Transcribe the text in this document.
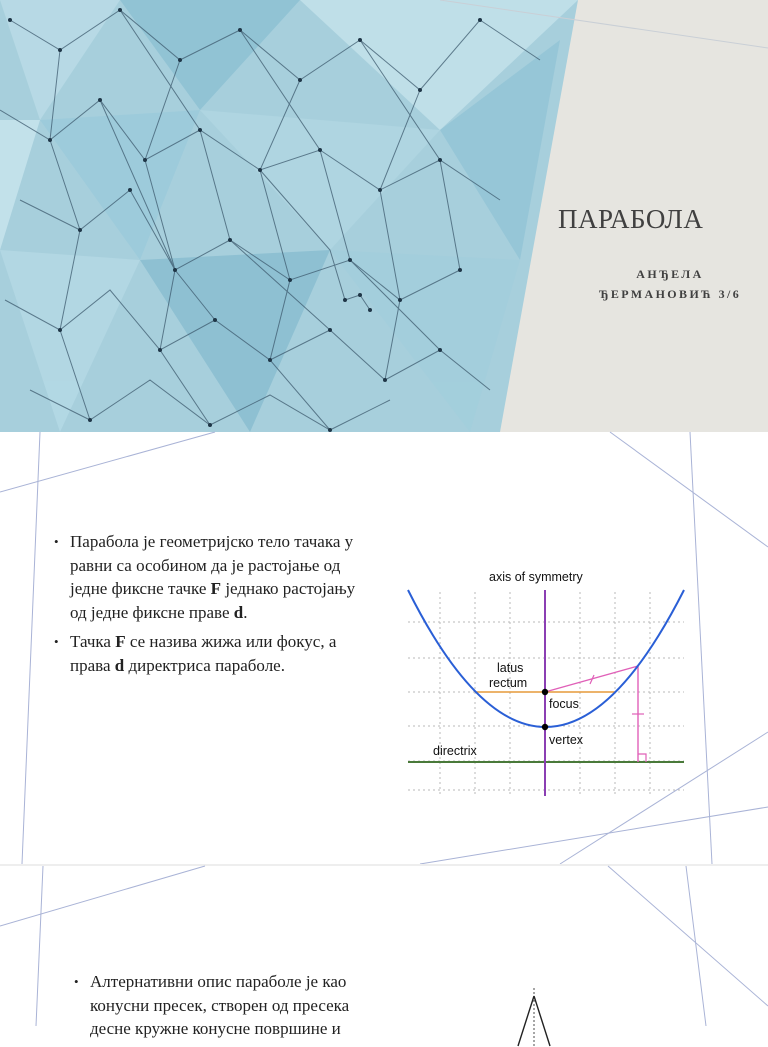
ПАРАБОЛА
АНЂЕЛА
ЂЕРМАНОВИЋ 3/6
• Парабола је геометријско тело тачака у равни са особином да је растојање од једне фиксне тачке F једнако растојању од једне фиксне праве d.
• Тачка F се назива жижа или фокус, а права d директриса параболе.
axis of symmetry
latus
rectum
focus
vertex
directrix
• Алтернативни опис параболе је као конусни пресек, створен од пресека десне кружне конусне површине и
